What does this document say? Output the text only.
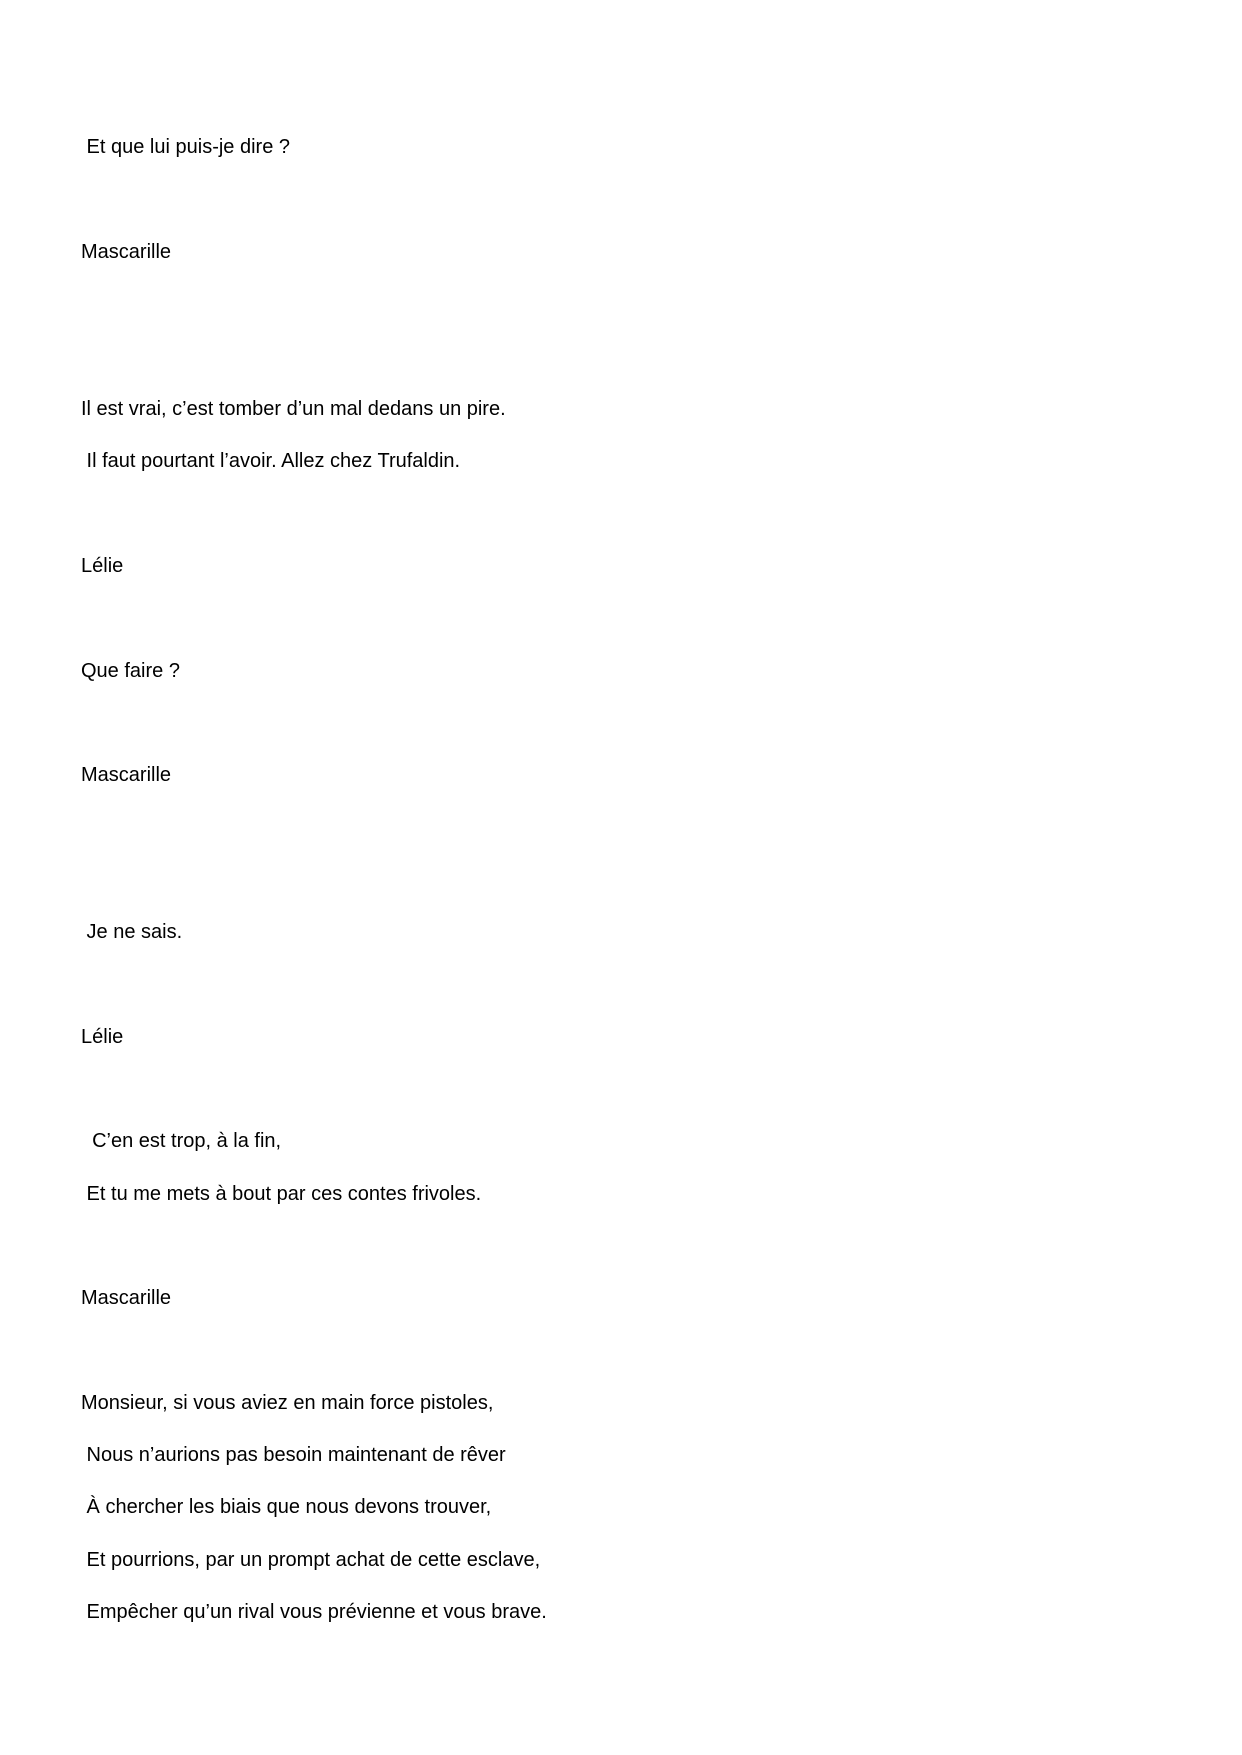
Et que lui puis-je dire ?
Mascarille
Il est vrai, c’est tomber d’un mal dedans un pire.
Il faut pourtant l’avoir. Allez chez Trufaldin.
Lélie
Que faire ?
Mascarille
Je ne sais.
Lélie
C’en est trop, à la fin,
Et tu me mets à bout par ces contes frivoles.
Mascarille
Monsieur, si vous aviez en main force pistoles,
Nous n’aurions pas besoin maintenant de rêver
À chercher les biais que nous devons trouver,
Et pourrions, par un prompt achat de cette esclave,
Empêcher qu’un rival vous prévienne et vous brave.
